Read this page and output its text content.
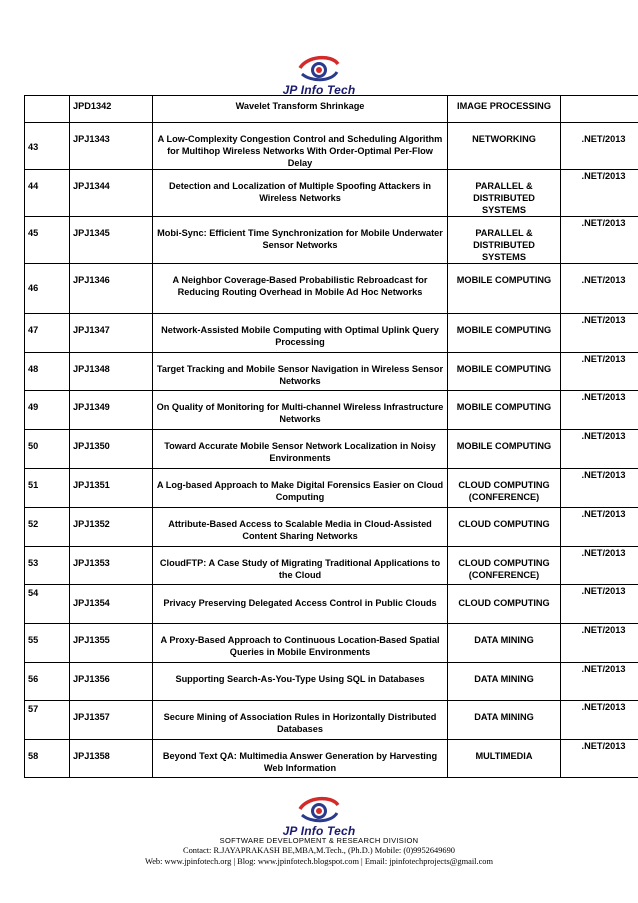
JP Info Tech
	JPD1342	Wavelet Transform Shrinkage	IMAGE PROCESSING	
43	JPJ1343	A Low-Complexity Congestion Control and Scheduling Algorithm for Multihop Wireless Networks With Order-Optimal Per-Flow Delay	NETWORKING	.NET/2013
44	JPJ1344	Detection and Localization of Multiple Spoofing Attackers in Wireless Networks	PARALLEL & DISTRIBUTED SYSTEMS	.NET/2013
45	JPJ1345	Mobi-Sync: Efficient Time Synchronization for Mobile Underwater Sensor Networks	PARALLEL & DISTRIBUTED SYSTEMS	.NET/2013
46	JPJ1346	A Neighbor Coverage-Based Probabilistic Rebroadcast for Reducing Routing Overhead in Mobile Ad Hoc Networks	MOBILE COMPUTING	.NET/2013
47	JPJ1347	Network-Assisted Mobile Computing with Optimal Uplink Query Processing	MOBILE COMPUTING	.NET/2013
48	JPJ1348	Target Tracking and Mobile Sensor Navigation in Wireless Sensor Networks	MOBILE COMPUTING	.NET/2013
49	JPJ1349	On Quality of Monitoring for Multi-channel Wireless Infrastructure Networks	MOBILE COMPUTING	.NET/2013
50	JPJ1350	Toward Accurate Mobile Sensor Network Localization in Noisy Environments	MOBILE COMPUTING	.NET/2013
51	JPJ1351	A Log-based Approach to Make Digital Forensics Easier on Cloud Computing	CLOUD COMPUTING (CONFERENCE)	.NET/2013
52	JPJ1352	Attribute-Based Access to Scalable Media in Cloud-Assisted Content Sharing Networks	CLOUD COMPUTING	.NET/2013
53	JPJ1353	CloudFTP: A Case Study of Migrating Traditional Applications to the Cloud	CLOUD COMPUTING (CONFERENCE)	.NET/2013
54	JPJ1354	Privacy Preserving Delegated Access Control in Public Clouds	CLOUD COMPUTING	.NET/2013
55	JPJ1355	A Proxy-Based Approach to Continuous Location-Based Spatial Queries in Mobile Environments	DATA MINING	.NET/2013
56	JPJ1356	Supporting Search-As-You-Type Using SQL in Databases	DATA MINING	.NET/2013
57	JPJ1357	Secure Mining of Association Rules in Horizontally Distributed Databases	DATA MINING	.NET/2013
58	JPJ1358	Beyond Text QA: Multimedia Answer Generation by Harvesting Web Information	MULTIMEDIA	.NET/2013
JP Info Tech
SOFTWARE DEVELOPMENT & RESEARCH DIVISION
Contact: R.JAYAPRAKASH BE,MBA,M.Tech., (Ph.D.) Mobile: (0)9952649690
Web: www.jpinfotech.org | Blog: www.jpinfotech.blogspot.com | Email: jpinfotechprojects@gmail.com
